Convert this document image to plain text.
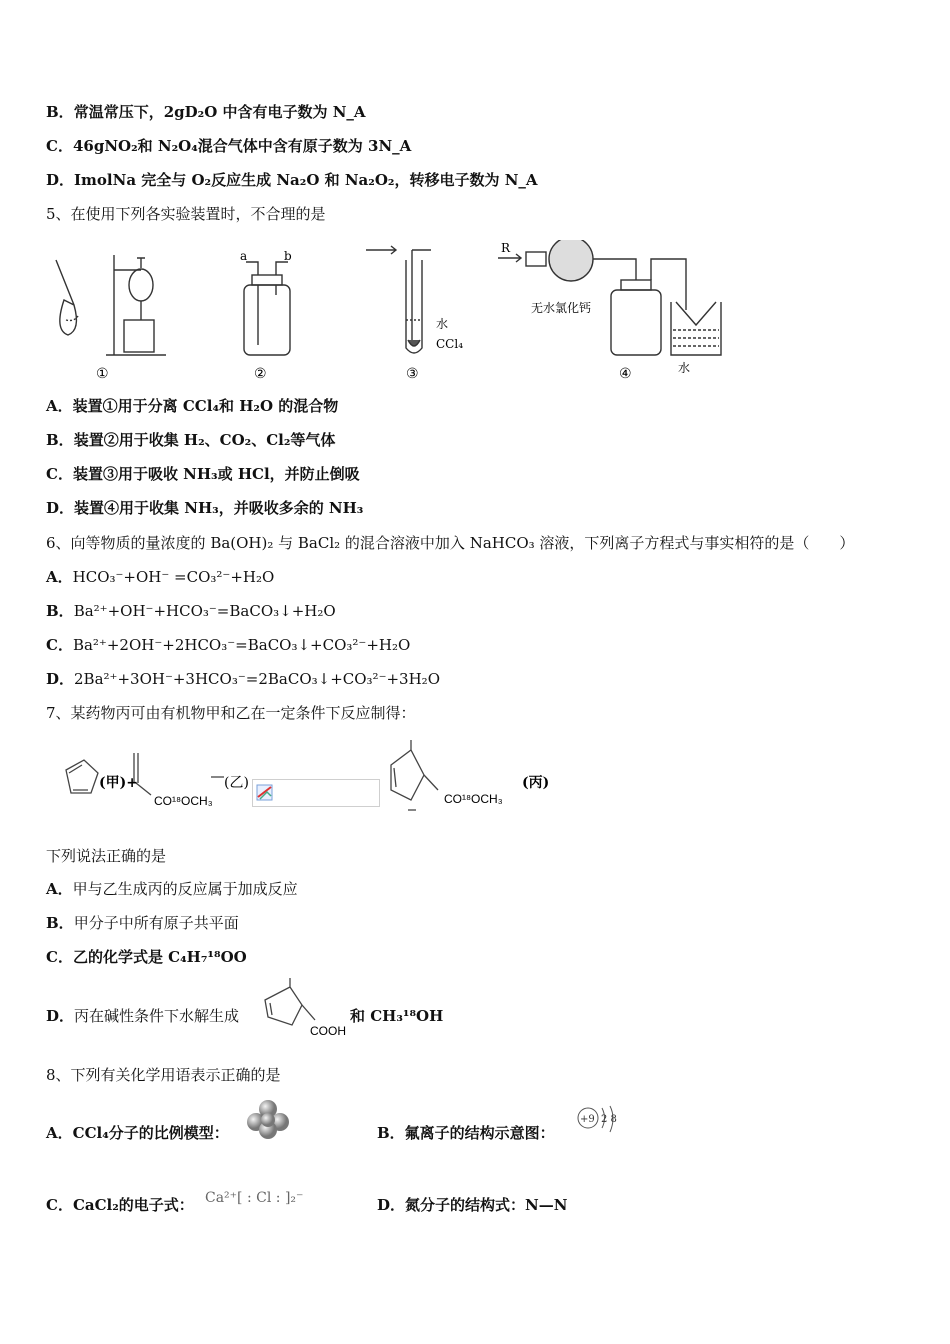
B．常温常压下，2gD₂O 中含有电子数为 N_A
C．46gNO₂和 N₂O₄混合气体中含有原子数为 3N_A
D．ImolNa 完全与 O₂反应生成 Na₂O 和 Na₂O₂，转移电子数为 N_A
5、在使用下列各实验装置时，不合理的是
a	b
水
CCl₄
R
无水氯化钙
水
①	②	③	④
A．装置①用于分离 CCl₄和 H₂O 的混合物
B．装置②用于收集 H₂、CO₂、Cl₂等气体
C．装置③用于吸收 NH₃或 HCl，并防止倒吸
D．装置④用于收集 NH₃，并吸收多余的 NH₃
6、向等物质的量浓度的 Ba(OH)₂ 与 BaCl₂ 的混合溶液中加入 NaHCO₃ 溶液，下列离子方程式与事实相符的是（　　）
A．HCO₃⁻+OH⁻ =CO₃²⁻+H₂O
B．Ba²⁺+OH⁻+HCO₃⁻=BaCO₃↓+H₂O
C．Ba²⁺+2OH⁻+2HCO₃⁻=BaCO₃↓+CO₃²⁻+H₂O
D．2Ba²⁺+3OH⁻+3HCO₃⁻=2BaCO₃↓+CO₃²⁻+3H₂O
7、某药物丙可由有机物甲和乙在一定条件下反应制得：
(甲)+
CO¹⁸OCH₃
(乙)
CO¹⁸OCH₃
(丙)
下列说法正确的是
A．甲与乙生成丙的反应属于加成反应
B．甲分子中所有原子共平面
C．乙的化学式是 C₄H₇¹⁸OO
D．丙在碱性条件下水解生成
COOH
和 CH₃¹⁸OH
8、下列有关化学用语表示正确的是
A．CCl₄分子的比例模型：	B．氟离子的结构示意图：
+9 2 8
C．CaCl₂的电子式： Ca²⁺[ : Cl : ]₂⁻	D．氮分子的结构式：N—N
